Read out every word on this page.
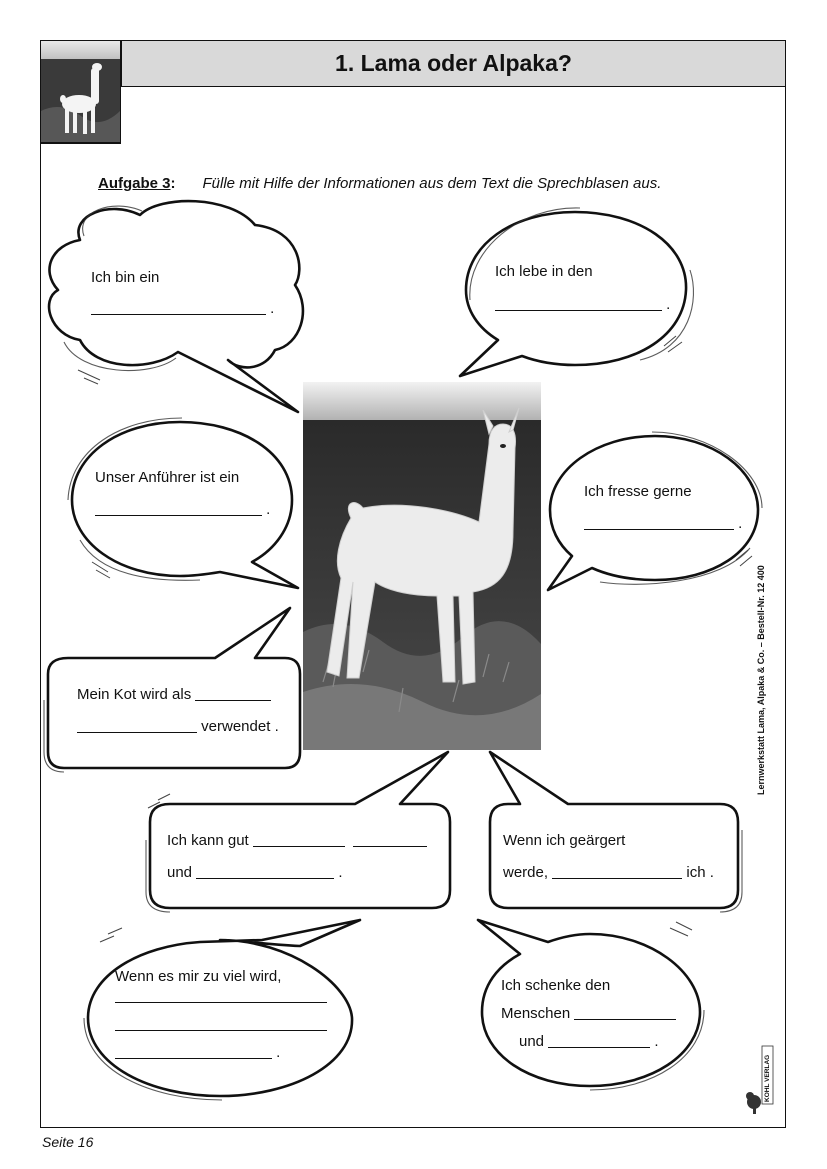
1. Lama oder Alpaka?
Aufgabe 3: Fülle mit Hilfe der Informationen aus dem Text die Sprechblasen aus.
Ich bin ein
.
Ich lebe in den
.
Unser Anführer ist ein
.
Ich fresse gerne
.
Mein Kot wird als
verwendet .
Ich kann gut
und	.
Wenn ich geärgert
werde,	ich .
Wenn es mir zu viel wird,
.
Ich schenke den
Menschen
und	.
Lernwerkstatt Lama, Alpaka & Co. – Bestell-Nr. 12 400
KOHL VERLAG
Seite 16
